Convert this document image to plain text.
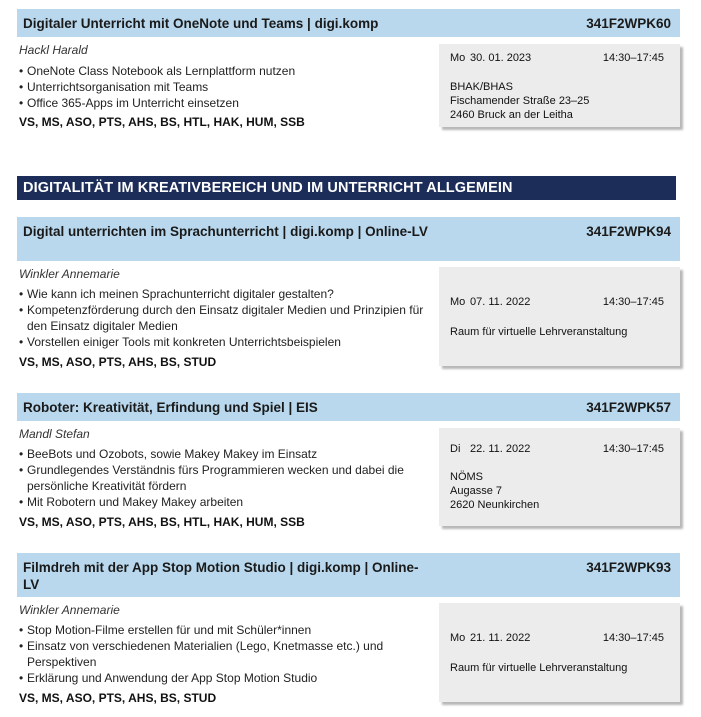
Digitaler Unterricht mit OneNote und Teams | digi.komp	341F2WPK60
Hackl Harald
• OneNote Class Notebook als Lernplattform nutzen
• Unterrichtsorganisation mit Teams
• Office 365-Apps im Unterricht einsetzen
VS, MS, ASO, PTS, AHS, BS, HTL, HAK, HUM, SSB
Mo 30. 01. 2023	14:30–17:45
BHAK/BHAS
Fischamender Straße 23–25
2460 Bruck an der Leitha
DIGITALITÄT IM KREATIVBEREICH UND IM UNTERRICHT ALLGEMEIN
Digital unterrichten im Sprachunterricht | digi.komp | Online-LV	341F2WPK94
Winkler Annemarie
• Wie kann ich meinen Sprachunterricht digitaler gestalten?
• Kompetenzförderung durch den Einsatz digitaler Medien und Prinzipien für den Einsatz digitaler Medien
• Vorstellen einiger Tools mit konkreten Unterrichtsbeispielen
VS, MS, ASO, PTS, AHS, BS, STUD
Mo 07. 11. 2022	14:30–17:45
Raum für virtuelle Lehrveranstaltung
Roboter: Kreativität, Erfindung und Spiel | EIS	341F2WPK57
Mandl Stefan
• BeeBots und Ozobots, sowie Makey Makey im Einsatz
• Grundlegendes Verständnis fürs Programmieren wecken und dabei die persönliche Kreativität fördern
• Mit Robotern und Makey Makey arbeiten
VS, MS, ASO, PTS, AHS, BS, HTL, HAK, HUM, SSB
Di 22. 11. 2022	14:30–17:45
NÖMS
Augasse 7
2620 Neunkirchen
Filmdreh mit der App Stop Motion Studio | digi.komp | Online-LV
341F2WPK93
Winkler Annemarie
• Stop Motion-Filme erstellen für und mit Schüler*innen
• Einsatz von verschiedenen Materialien (Lego, Knetmasse etc.) und Perspektiven
• Erklärung und Anwendung der App Stop Motion Studio
VS, MS, ASO, PTS, AHS, BS, STUD
Mo 21. 11. 2022	14:30–17:45
Raum für virtuelle Lehrveranstaltung
